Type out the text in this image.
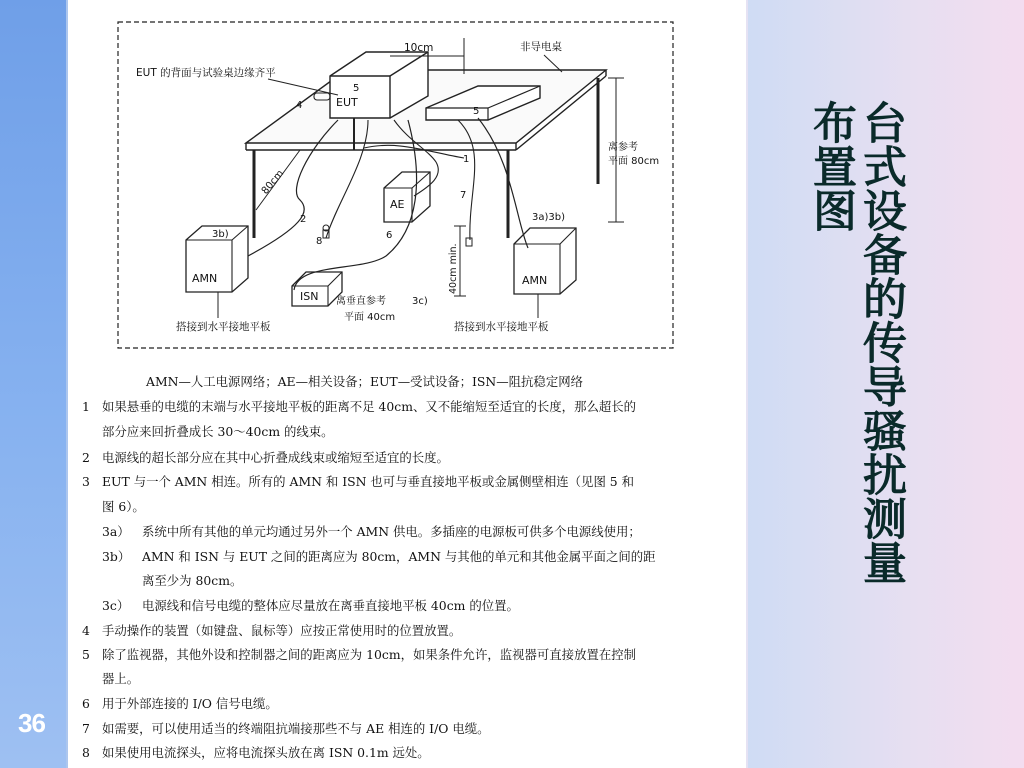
36
EUT
5
5
4
EUT 的背面与试验桌边缘齐平
10cm	非导电桌
AE
AMN
3b)
AMN
3a)3b)
ISN
1
2
6
7
8
80cm
40cm min.
离参考
平面 80cm
离垂直参考	3c)
平面 40cm
搭接到水平接地平板	搭接到水平接地平板
AMN—人工电源网络；AE—相关设备；EUT—受试设备；ISN—阻抗稳定网络
1 如果悬垂的电缆的末端与水平接地平板的距离不足 40cm、又不能缩短至适宜的长度，那么超长的
部分应来回折叠成长 30～40cm 的线束。
2 电源线的超长部分应在其中心折叠成线束或缩短至适宜的长度。
3 EUT 与一个 AMN 相连。所有的 AMN 和 ISN 也可与垂直接地平板或金属侧壁相连（见图 5 和
图 6）。
3a） 系统中所有其他的单元均通过另外一个 AMN 供电。多插座的电源板可供多个电源线使用；
3b） AMN 和 ISN 与 EUT 之间的距离应为 80cm，AMN 与其他的单元和其他金属平面之间的距
离至少为 80cm。
3c）	电源线和信号电缆的整体应尽量放在离垂直接地平板 40cm 的位置。
4 手动操作的装置（如键盘、鼠标等）应按正常使用时的位置放置。
5 除了监视器，其他外设和控制器之间的距离应为 10cm，如果条件允许，监视器可直接放置在控制
器上。
6 用于外部连接的 I/O 信号电缆。
7 如需要，可以使用适当的终端阻抗端接那些不与 AE 相连的 I/O 电缆。
8 如果使用电流探头，应将电流探头放在离 ISN 0.1m 远处。
台式设备的传导骚扰测量
布置图
